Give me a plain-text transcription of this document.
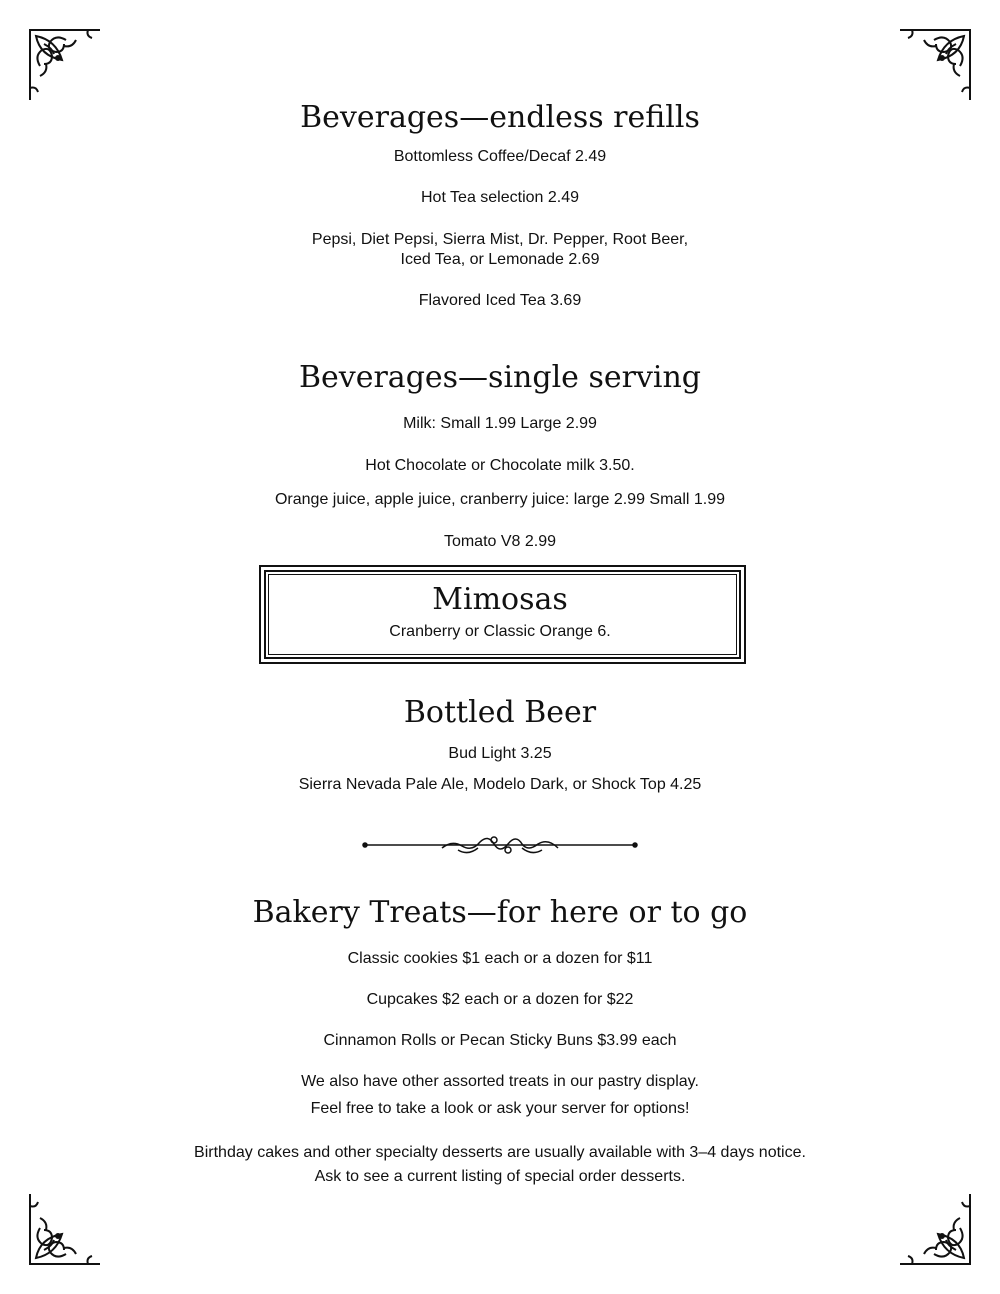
Beverages—endless refills
Bottomless Coffee/Decaf 2.49
Hot Tea selection 2.49
Pepsi, Diet Pepsi, Sierra Mist, Dr. Pepper, Root Beer,
Iced Tea, or Lemonade 2.69
Flavored Iced Tea 3.69
Beverages—single serving
Milk: Small 1.99 Large 2.99
Hot Chocolate or Chocolate milk 3.50.
Orange juice, apple juice, cranberry juice: large 2.99 Small 1.99
Tomato V8 2.99
Mimosas
Cranberry or Classic Orange 6.
Bottled Beer
Bud Light 3.25
Sierra Nevada Pale Ale, Modelo Dark, or Shock Top 4.25
Bakery Treats—for here or to go
Classic cookies $1 each or a dozen for $11
Cupcakes $2 each or a dozen for $22
Cinnamon Rolls or Pecan Sticky Buns $3.99 each
We also have other assorted treats in our pastry display.
Feel free to take a look or ask your server for options!
Birthday cakes and other specialty desserts are usually available with 3–4 days notice.
Ask to see a current listing of special order desserts.
